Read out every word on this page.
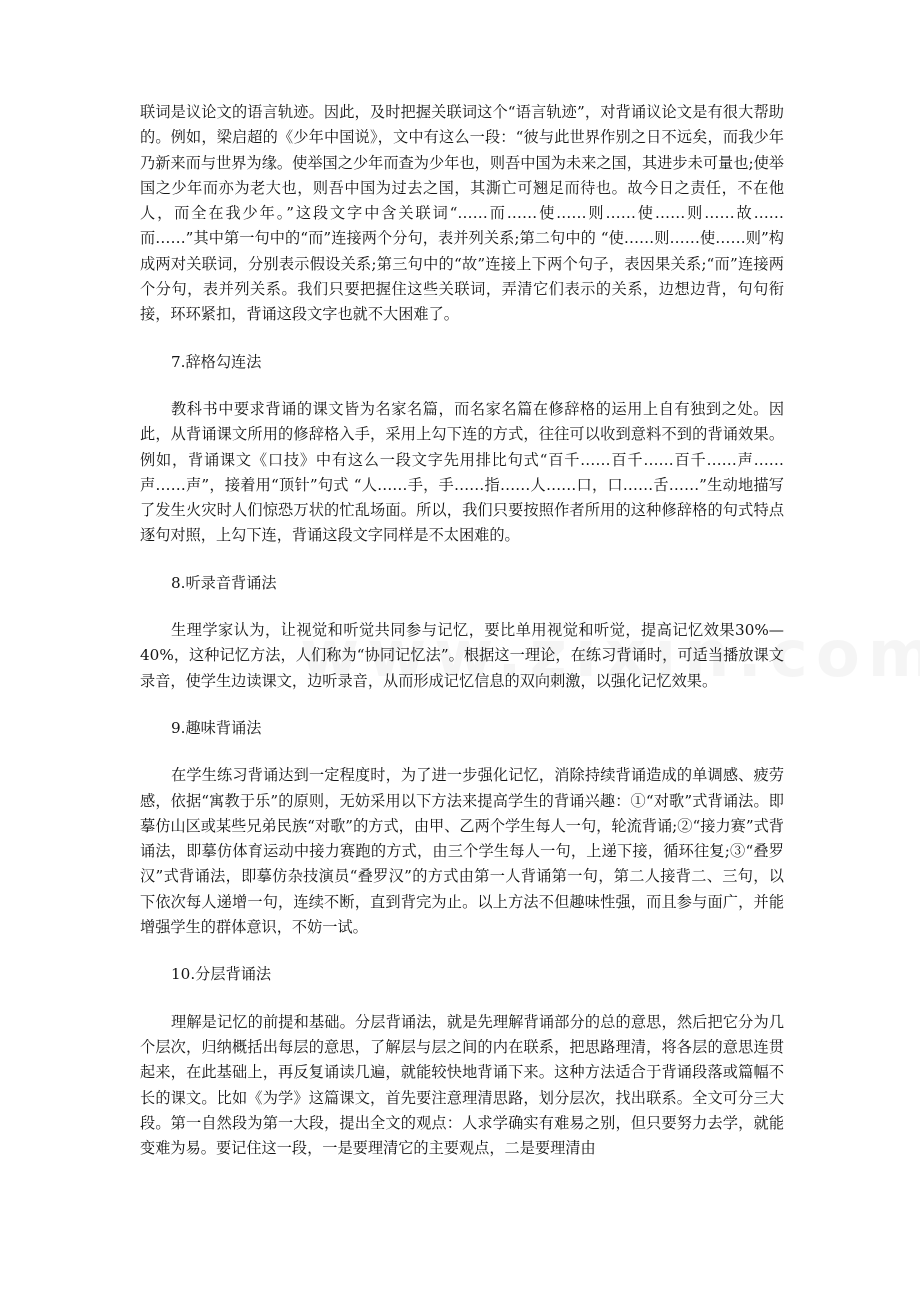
联词是议论文的语言轨迹。因此，及时把握关联词这个“语言轨迹”，对背诵议论文是有很大帮助的。例如，梁启超的《少年中国说》，文中有这么一段：“彼与此世界作别之日不远矣，而我少年乃新来而与世界为缘。使举国之少年而查为少年也，则吾中国为未来之国，其进步未可量也;使举国之少年而亦为老大也，则吾中国为过去之国，其澌亡可翘足而待也。故今日之责任，不在他人，而全在我少年。”这段文字中含关联词“……而……使……则……使……则……故……而……”其中第一句中的“而”连接两个分句，表并列关系;第二句中的 “使……则……使……则”构成两对关联词，分别表示假设关系;第三句中的“故”连接上下两个句子，表因果关系;“而”连接两个分句，表并列关系。我们只要把握住这些关联词，弄清它们表示的关系，边想边背，句句衔接，环环紧扣，背诵这段文字也就不大困难了。

7.辞格勾连法

教科书中要求背诵的课文皆为名家名篇，而名家名篇在修辞格的运用上自有独到之处。因此，从背诵课文所用的修辞格入手，采用上勾下连的方式，往往可以收到意料不到的背诵效果。例如，背诵课文《口技》中有这么一段文字先用排比句式“百千……百千……百千……声……声……声”，接着用“顶针”句式 “人……手，手……指……人……口，口……舌……”生动地描写了发生火灾时人们惊恐万状的忙乱场面。所以，我们只要按照作者所用的这种修辞格的句式特点逐句对照，上勾下连，背诵这段文字同样是不太困难的。

8.听录音背诵法

生理学家认为，让视觉和听觉共同参与记忆，要比单用视觉和听觉，提高记忆效果30%—40%，这种记忆方法，人们称为“协同记忆法”。根据这一理论，在练习背诵时，可适当播放课文录音，使学生边读课文，边听录音，从而形成记忆信息的双向刺激，以强化记忆效果。

9.趣味背诵法

在学生练习背诵达到一定程度时，为了进一步强化记忆，消除持续背诵造成的单调感、疲劳感，依据“寓教于乐”的原则，无妨采用以下方法来提高学生的背诵兴趣：①“对歌”式背诵法。即摹仿山区或某些兄弟民族“对歌”的方式，由甲、乙两个学生每人一句，轮流背诵;②“接力赛”式背诵法，即摹仿体育运动中接力赛跑的方式，由三个学生每人一句，上递下接，循环往复;③“叠罗汉”式背诵法，即摹仿杂技演员“叠罗汉”的方式由第一人背诵第一句，第二人接背二、三句，以下依次每人递增一句，连续不断，直到背完为止。以上方法不但趣味性强，而且参与面广，并能增强学生的群体意识，不妨一试。

10.分层背诵法

理解是记忆的前提和基础。分层背诵法，就是先理解背诵部分的总的意思，然后把它分为几个层次，归纳概括出每层的意思，了解层与层之间的内在联系，把思路理清，将各层的意思连贯起来，在此基础上，再反复诵读几遍，就能较快地背诵下来。这种方法适合于背诵段落或篇幅不长的课文。比如《为学》这篇课文，首先要注意理清思路，划分层次，找出联系。全文可分三大段。第一自然段为第一大段，提出全文的观点：人求学确实有难易之别，但只要努力去学，就能变难为易。要记住这一段，一是要理清它的主要观点，二是要理清由
